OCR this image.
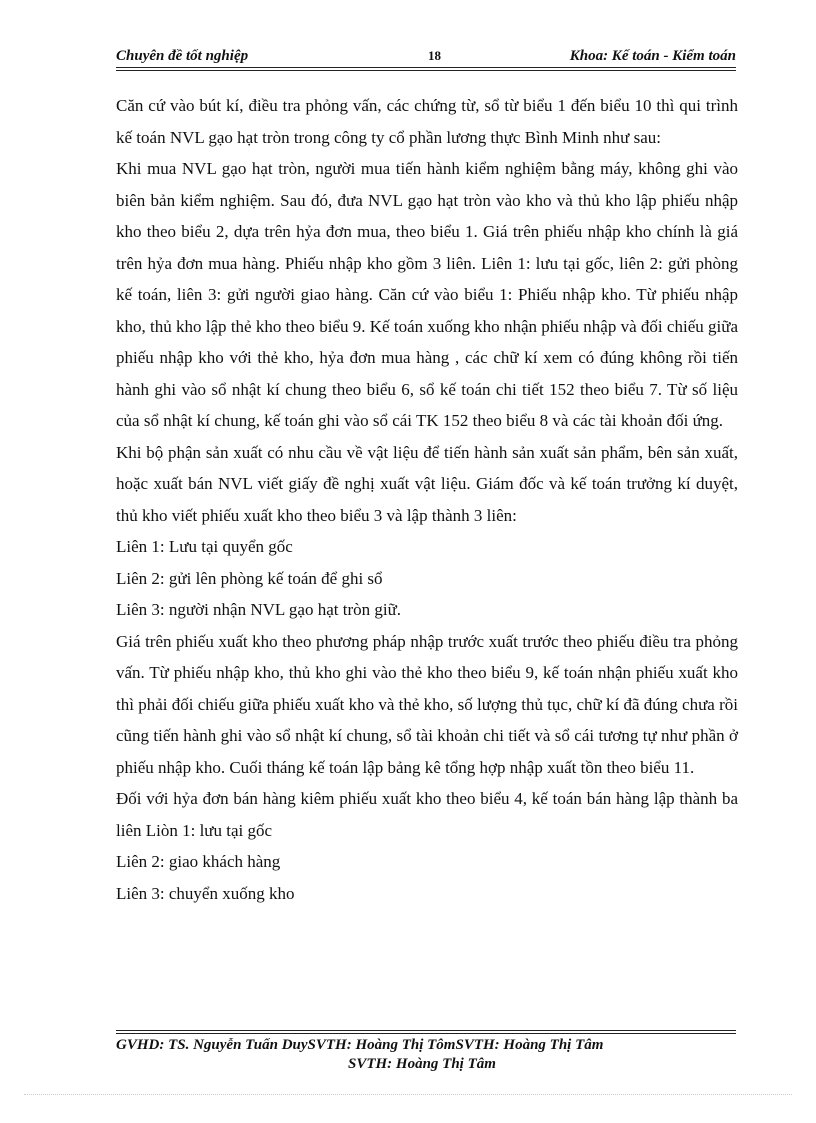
Chuyên đề tốt nghiệp	18	Khoa: Kế toán - Kiểm toán

Căn cứ vào bút kí, điều tra phỏng vấn, các chứng từ, sổ từ biểu 1 đến biểu 10 thì qui trình kế toán NVL gạo hạt tròn trong công ty cổ phần lương thực Bình Minh như sau:

Khi mua NVL gạo hạt tròn, người mua tiến hành kiểm nghiệm bằng máy, không ghi vào biên bản kiểm nghiệm. Sau đó, đưa NVL gạo hạt tròn vào kho và thủ kho lập phiếu nhập kho theo biểu 2, dựa trên hỷa đơn mua, theo biểu 1. Giá trên phiếu nhập kho chính là giá trên hỷa đơn mua hàng. Phiếu nhập kho gồm 3 liên. Liên 1: lưu tại gốc, liên 2: gửi phòng kế toán, liên 3: gửi người giao hàng. Căn cứ vào biểu 1: Phiếu nhập kho. Từ phiếu nhập kho, thủ kho lập thẻ kho theo biểu 9. Kế toán xuống kho nhận phiếu nhập và đối chiếu giữa phiếu nhập kho với thẻ kho, hỷa đơn mua hàng , các chữ kí xem có đúng không rồi tiến hành ghi vào sổ nhật kí chung theo biểu 6, sổ kế toán chi tiết 152 theo biểu 7. Từ số liệu của sổ nhật kí chung, kế toán ghi vào sổ cái TK 152 theo biểu 8 và các tài khoản đối ứng.

Khi bộ phận sản xuất có nhu cầu về vật liệu để tiến hành sản xuất sản phẩm, bên sản xuất, hoặc xuất bán NVL viết giấy đề nghị xuất vật liệu. Giám đốc và kế toán trưởng kí duyệt, thủ kho viết phiếu xuất kho theo biểu 3 và lập thành 3 liên:

Liên 1: Lưu tại quyển gốc

Liên 2: gửi lên phòng kế toán để ghi sổ

Liên 3: người nhận NVL gạo hạt tròn giữ.

Giá trên phiếu xuất kho theo phương pháp nhập trước xuất trước theo phiếu điều tra phỏng vấn. Từ phiếu nhập kho, thủ kho ghi vào thẻ kho theo biểu 9, kế toán nhận phiếu xuất kho thì phải đối chiếu giữa phiếu xuất kho và thẻ kho, số lượng thủ tục, chữ kí đã đúng chưa rồi cũng tiến hành ghi vào sổ nhật kí chung, sổ tài khoản chi tiết và sổ cái tương tự như phần ở phiếu nhập kho. Cuối tháng kế toán lập bảng kê tổng hợp nhập xuất tồn theo biểu 11.

Đối với hỷa đơn bán hàng kiêm phiếu xuất kho theo biểu 4, kế toán bán hàng lập thành ba liên Liòn 1: lưu tại gốc

Liên 2: giao khách hàng

Liên 3: chuyển xuống kho

GVHD: TS. Nguyễn Tuấn DuySVTH: Hoàng Thị TômSVTH: Hoàng Thị Tâm
SVTH: Hoàng Thị Tâm
